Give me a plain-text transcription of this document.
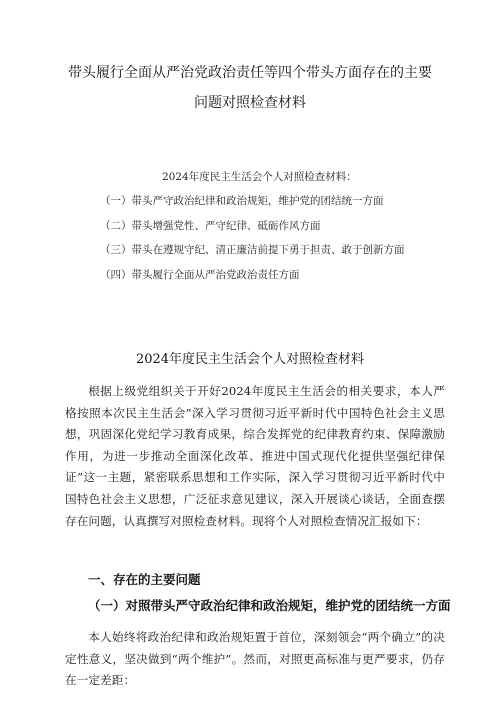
带头履行全面从严治党政治责任等四个带头方面存在的主要
问题对照检查材料
2024年度民主生活会个人对照检查材料：
（一）带头严守政治纪律和政治规矩，维护党的团结统一方面
（二）带头增强党性、严守纪律、砥砺作风方面
（三）带头在遵规守纪、清正廉洁前提下勇于担责、敢于创新方面
（四）带头履行全面从严治党政治责任方面
2024年度民主生活会个人对照检查材料

根据上级党组织关于开好2024年度民主生活会的相关要求，本人严格按照本次民主生活会”深入学习贯彻习近平新时代中国特色社会主义思想，巩固深化党纪学习教育成果，综合发挥党的纪律教育约束、保障激励作用，为进一步推动全面深化改革、推进中国式现代化提供坚强纪律保证”这一主题，紧密联系思想和工作实际，深入学习贯彻习近平新时代中国特色社会主义思想，广泛征求意见建议，深入开展谈心谈话，全面查摆存在问题，认真撰写对照检查材料。现将个人对照检查情况汇报如下：

一、存在的主要问题
（一）对照带头严守政治纪律和政治规矩，维护党的团结统一方面

本人始终将政治纪律和政治规矩置于首位，深刻领会“两个确立”的决定性意义，坚决做到“两个维护”。然而，对照更高标准与更严要求，仍存在一定差距：
